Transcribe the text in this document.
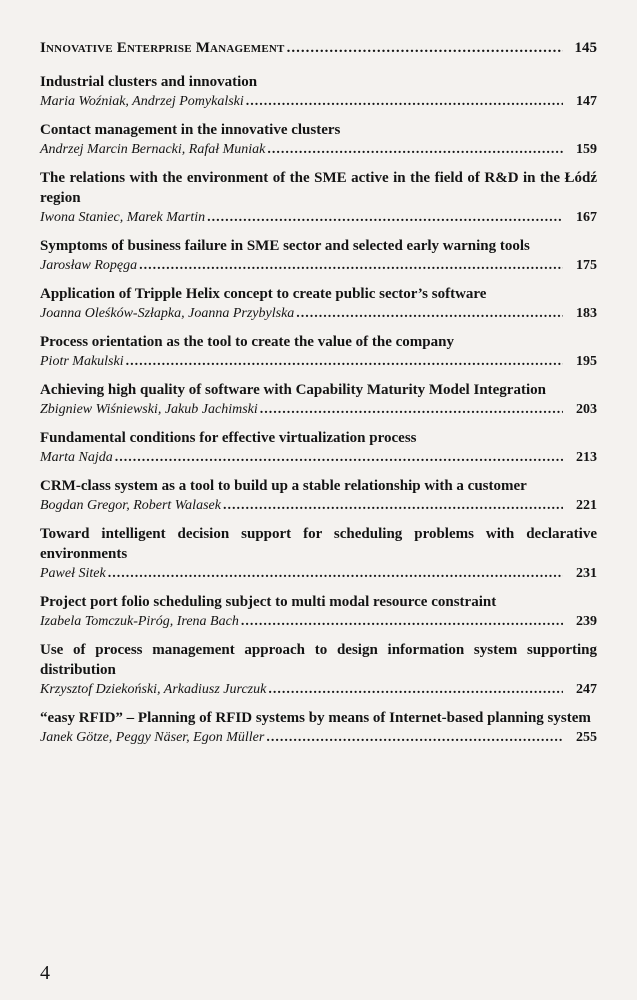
Innovative Enterprise Management .....	145
Industrial clusters and innovation
Maria Woźniak, Andrzej Pomykalski .....	147
Contact management in the innovative clusters
Andrzej Marcin Bernacki, Rafał Muniak .....	159
The relations with the environment of the SME active in the field of R&D in the Łódź region
Iwona Staniec, Marek Martin .....	167
Symptoms of business failure in SME sector and selected early warning tools
Jarosław Ropęga .....	175
Application of Tripple Helix concept to create public sector’s software
Joanna Oleśków-Szłapka, Joanna Przybylska .....	183
Process orientation as the tool to create the value of the company
Piotr Makulski .....	195
Achieving high quality of software with Capability Maturity Model Integration
Zbigniew Wiśniewski, Jakub Jachimski .....	203
Fundamental conditions for effective virtualization process
Marta Najda .....	213
CRM-class system as a tool to build up a stable relationship with a customer
Bogdan Gregor, Robert Walasek .....	221
Toward intelligent decision support for scheduling problems with declarative environments
Paweł Sitek .....	231
Project port folio scheduling subject to multi modal resource constraint
Izabela Tomczuk-Piróg, Irena Bach .....	239
Use of process management approach to design information system supporting distribution
Krzysztof Dziekoński, Arkadiusz Jurczuk .....	247
“easy RFID” – Planning of RFID systems by means of Internet-based planning system
Janek Götze, Peggy Näser, Egon Müller .....	255
4
